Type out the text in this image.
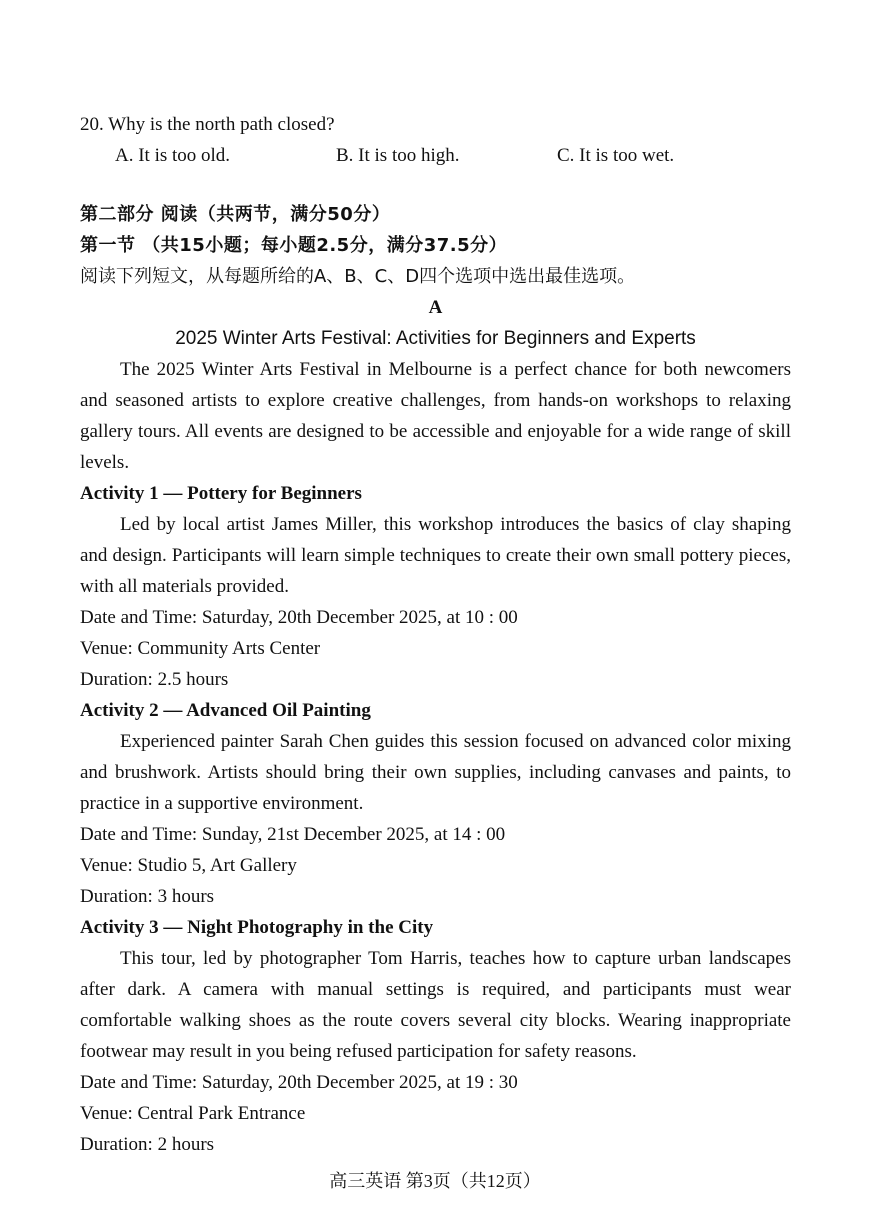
20. Why is the north path closed?
A. It is too old.	B. It is too high.	C. It is too wet.
第二部分 阅读（共两节，满分50分）
第一节 （共15小题；每小题2.5分，满分37.5分）
阅读下列短文，从每题所给的A、B、C、D四个选项中选出最佳选项。
A
2025 Winter Arts Festival: Activities for Beginners and Experts

The 2025 Winter Arts Festival in Melbourne is a perfect chance for both newcomers and seasoned artists to explore creative challenges, from hands-on workshops to relaxing gallery tours. All events are designed to be accessible and enjoyable for a wide range of skill levels.

Activity 1 — Pottery for Beginners

Led by local artist James Miller, this workshop introduces the basics of clay shaping and design. Participants will learn simple techniques to create their own small pottery pieces, with all materials provided.

Date and Time: Saturday, 20th December 2025, at 10 : 00

Venue: Community Arts Center

Duration: 2.5 hours

Activity 2 — Advanced Oil Painting

Experienced painter Sarah Chen guides this session focused on advanced color mixing and brushwork. Artists should bring their own supplies, including canvases and paints, to practice in a supportive environment.

Date and Time: Sunday, 21st December 2025, at 14 : 00

Venue: Studio 5, Art Gallery

Duration: 3 hours

Activity 3 — Night Photography in the City

This tour, led by photographer Tom Harris, teaches how to capture urban landscapes after dark. A camera with manual settings is required, and participants must wear comfortable walking shoes as the route covers several city blocks. Wearing inappropriate footwear may result in you being refused participation for safety reasons.

Date and Time: Saturday, 20th December 2025, at 19 : 30

Venue: Central Park Entrance

Duration: 2 hours

高三英语 第3页（共12页）
